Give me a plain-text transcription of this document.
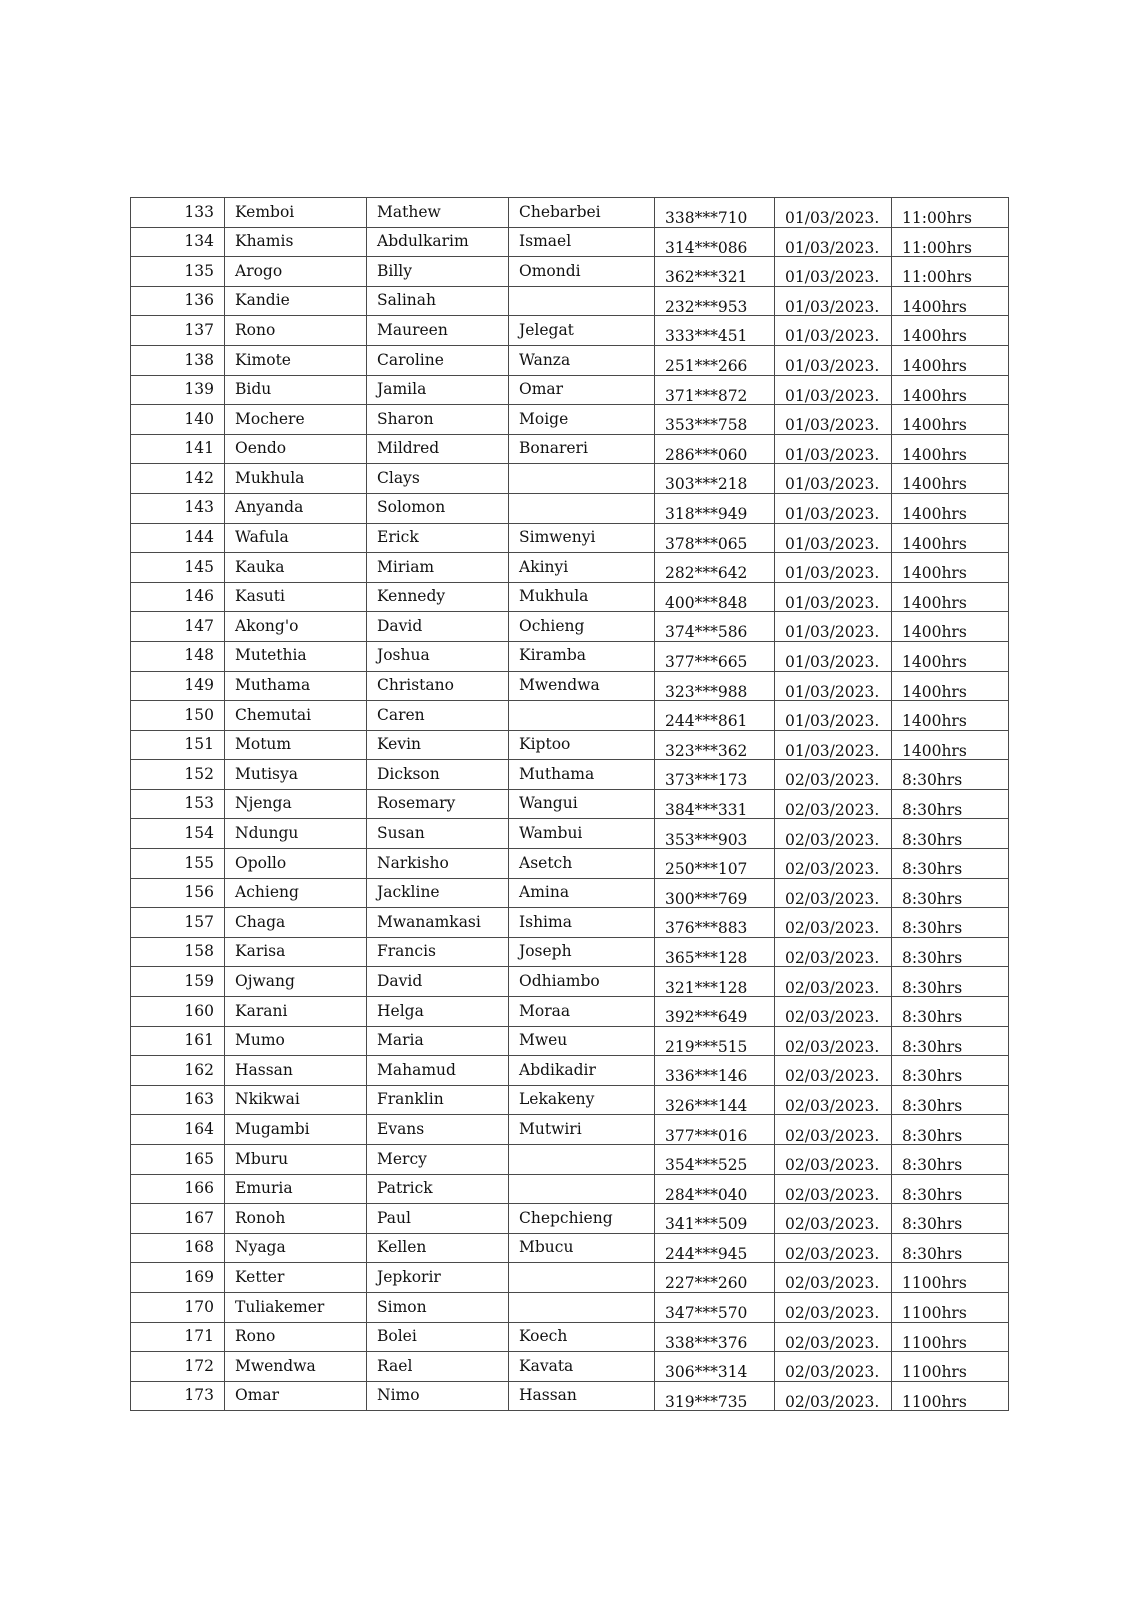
133	Kemboi	Mathew	Chebarbei	338***710	01/03/2023.	11:00hrs
134	Khamis	Abdulkarim	Ismael	314***086	01/03/2023.	11:00hrs
135	Arogo	Billy	Omondi	362***321	01/03/2023.	11:00hrs
136	Kandie	Salinah		232***953	01/03/2023.	1400hrs
137	Rono	Maureen	Jelegat	333***451	01/03/2023.	1400hrs
138	Kimote	Caroline	Wanza	251***266	01/03/2023.	1400hrs
139	Bidu	Jamila	Omar	371***872	01/03/2023.	1400hrs
140	Mochere	Sharon	Moige	353***758	01/03/2023.	1400hrs
141	Oendo	Mildred	Bonareri	286***060	01/03/2023.	1400hrs
142	Mukhula	Clays		303***218	01/03/2023.	1400hrs
143	Anyanda	Solomon		318***949	01/03/2023.	1400hrs
144	Wafula	Erick	Simwenyi	378***065	01/03/2023.	1400hrs
145	Kauka	Miriam	Akinyi	282***642	01/03/2023.	1400hrs
146	Kasuti	Kennedy	Mukhula	400***848	01/03/2023.	1400hrs
147	Akong'o	David	Ochieng	374***586	01/03/2023.	1400hrs
148	Mutethia	Joshua	Kiramba	377***665	01/03/2023.	1400hrs
149	Muthama	Christano	Mwendwa	323***988	01/03/2023.	1400hrs
150	Chemutai	Caren		244***861	01/03/2023.	1400hrs
151	Motum	Kevin	Kiptoo	323***362	01/03/2023.	1400hrs
152	Mutisya	Dickson	Muthama	373***173	02/03/2023.	8:30hrs
153	Njenga	Rosemary	Wangui	384***331	02/03/2023.	8:30hrs
154	Ndungu	Susan	Wambui	353***903	02/03/2023.	8:30hrs
155	Opollo	Narkisho	Asetch	250***107	02/03/2023.	8:30hrs
156	Achieng	Jackline	Amina	300***769	02/03/2023.	8:30hrs
157	Chaga	Mwanamkasi	Ishima	376***883	02/03/2023.	8:30hrs
158	Karisa	Francis	Joseph	365***128	02/03/2023.	8:30hrs
159	Ojwang	David	Odhiambo	321***128	02/03/2023.	8:30hrs
160	Karani	Helga	Moraa	392***649	02/03/2023.	8:30hrs
161	Mumo	Maria	Mweu	219***515	02/03/2023.	8:30hrs
162	Hassan	Mahamud	Abdikadir	336***146	02/03/2023.	8:30hrs
163	Nkikwai	Franklin	Lekakeny	326***144	02/03/2023.	8:30hrs
164	Mugambi	Evans	Mutwiri	377***016	02/03/2023.	8:30hrs
165	Mburu	Mercy		354***525	02/03/2023.	8:30hrs
166	Emuria	Patrick		284***040	02/03/2023.	8:30hrs
167	Ronoh	Paul	Chepchieng	341***509	02/03/2023.	8:30hrs
168	Nyaga	Kellen	Mbucu	244***945	02/03/2023.	8:30hrs
169	Ketter	Jepkorir		227***260	02/03/2023.	1100hrs
170	Tuliakemer	Simon		347***570	02/03/2023.	1100hrs
171	Rono	Bolei	Koech	338***376	02/03/2023.	1100hrs
172	Mwendwa	Rael	Kavata	306***314	02/03/2023.	1100hrs
173	Omar	Nimo	Hassan	319***735	02/03/2023.	1100hrs
